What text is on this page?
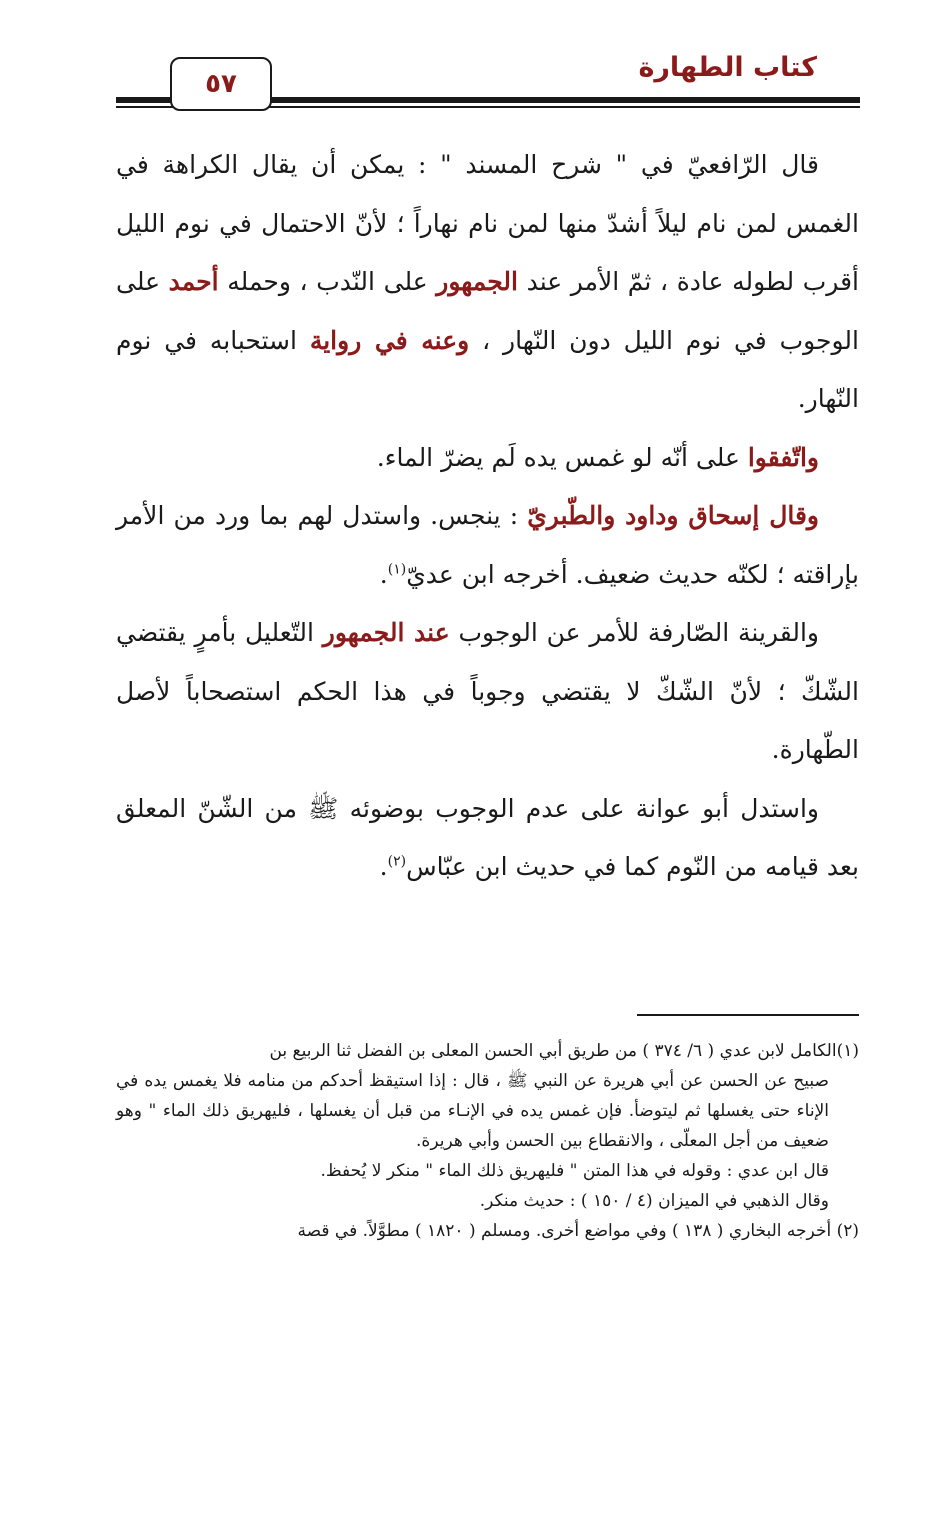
كتاب الطهارة
٥٧

قال الرّافعيّ في " شرح المسند " : يمكن أن يقال الكراهة في الغمس لمن نام ليلاً أشدّ منها لمن نام نهاراً ؛ لأنّ الاحتمال في نوم الليل أقرب لطوله عادة ، ثمّ الأمر عند الجمهور على النّدب ، وحمله أحمد على الوجوب في نوم الليل دون النّهار ، وعنه في رواية استحبابه في نوم النّهار.

واتّفقوا على أنّه لو غمس يده لَم يضرّ الماء.

وقال إسحاق وداود والطّبريّ : ينجس. واستدل لهم بما ورد من الأمر بإراقته ؛ لكنّه حديث ضعيف. أخرجه ابن عديّ$^{(١)}$.

والقرينة الصّارفة للأمر عن الوجوب عند الجمهور التّعليل بأمرٍ يقتضي الشّكّ ؛ لأنّ الشّكّ لا يقتضي وجوباً في هذا الحكم استصحاباً لأصل الطّهارة.

واستدل أبو عوانة على عدم الوجوب بوضوئه ﷺ من الشّنّ المعلق بعد قيامه من النّوم كما في حديث ابن عبّاس$^{(٢)}$.

(١)الكامل لابن عدي ( ٦/ ٣٧٤ ) من طريق أبي الحسن المعلى بن الفضل ثنا الربيع بن

صبيح عن الحسن عن أبي هريرة عن النبي ﷺ ، قال : إذا استيقظ أحدكم من منامه فلا يغمس يده في الإناء حتى يغسلها ثم ليتوضأ. فإن غمس يده في الإنـاء من قبل أن يغسلها ، فليهريق ذلك الماء " وهو ضعيف من أجل المعلّى ، والانقطاع بين الحسن وأبي هريرة.

قال ابن عدي : وقوله في هذا المتن " فليهريق ذلك الماء " منكر لا يُحفظ.

وقال الذهبي في الميزان (٤ / ١٥٠ ) : حديث منكر.

(٢) أخرجه البخاري ( ١٣٨ ) وفي مواضع أخرى. ومسلم ( ١٨٢٠ ) مطوَّلاً. في قصة
